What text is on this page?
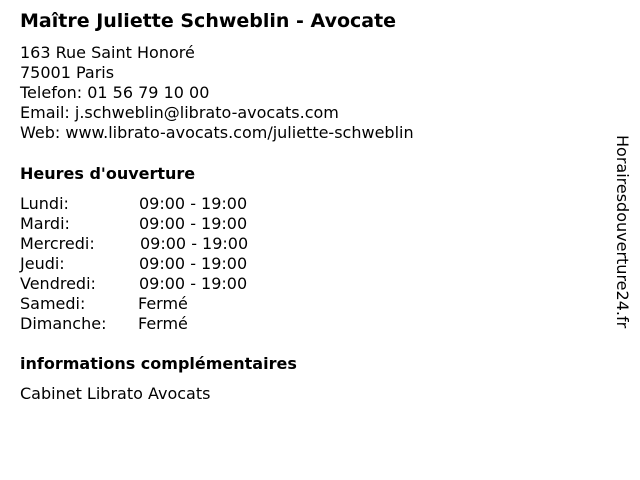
Maître Juliette Schweblin - Avocate
163 Rue Saint Honoré
75001 Paris
Telefon: 01 56 79 10 00
Email: j.schweblin@librato-avocats.com
Web: www.librato-avocats.com/juliette-schweblin
Heures d'ouverture
Lundi:	09:00 - 19:00
Mardi:	09:00 - 19:00
Mercredi:	09:00 - 19:00
Jeudi:	09:00 - 19:00
Vendredi:	09:00 - 19:00
Samedi:	Fermé
Dimanche: Fermé
informations complémentaires
Cabinet Librato Avocats
Horairesdouverture24.fr
